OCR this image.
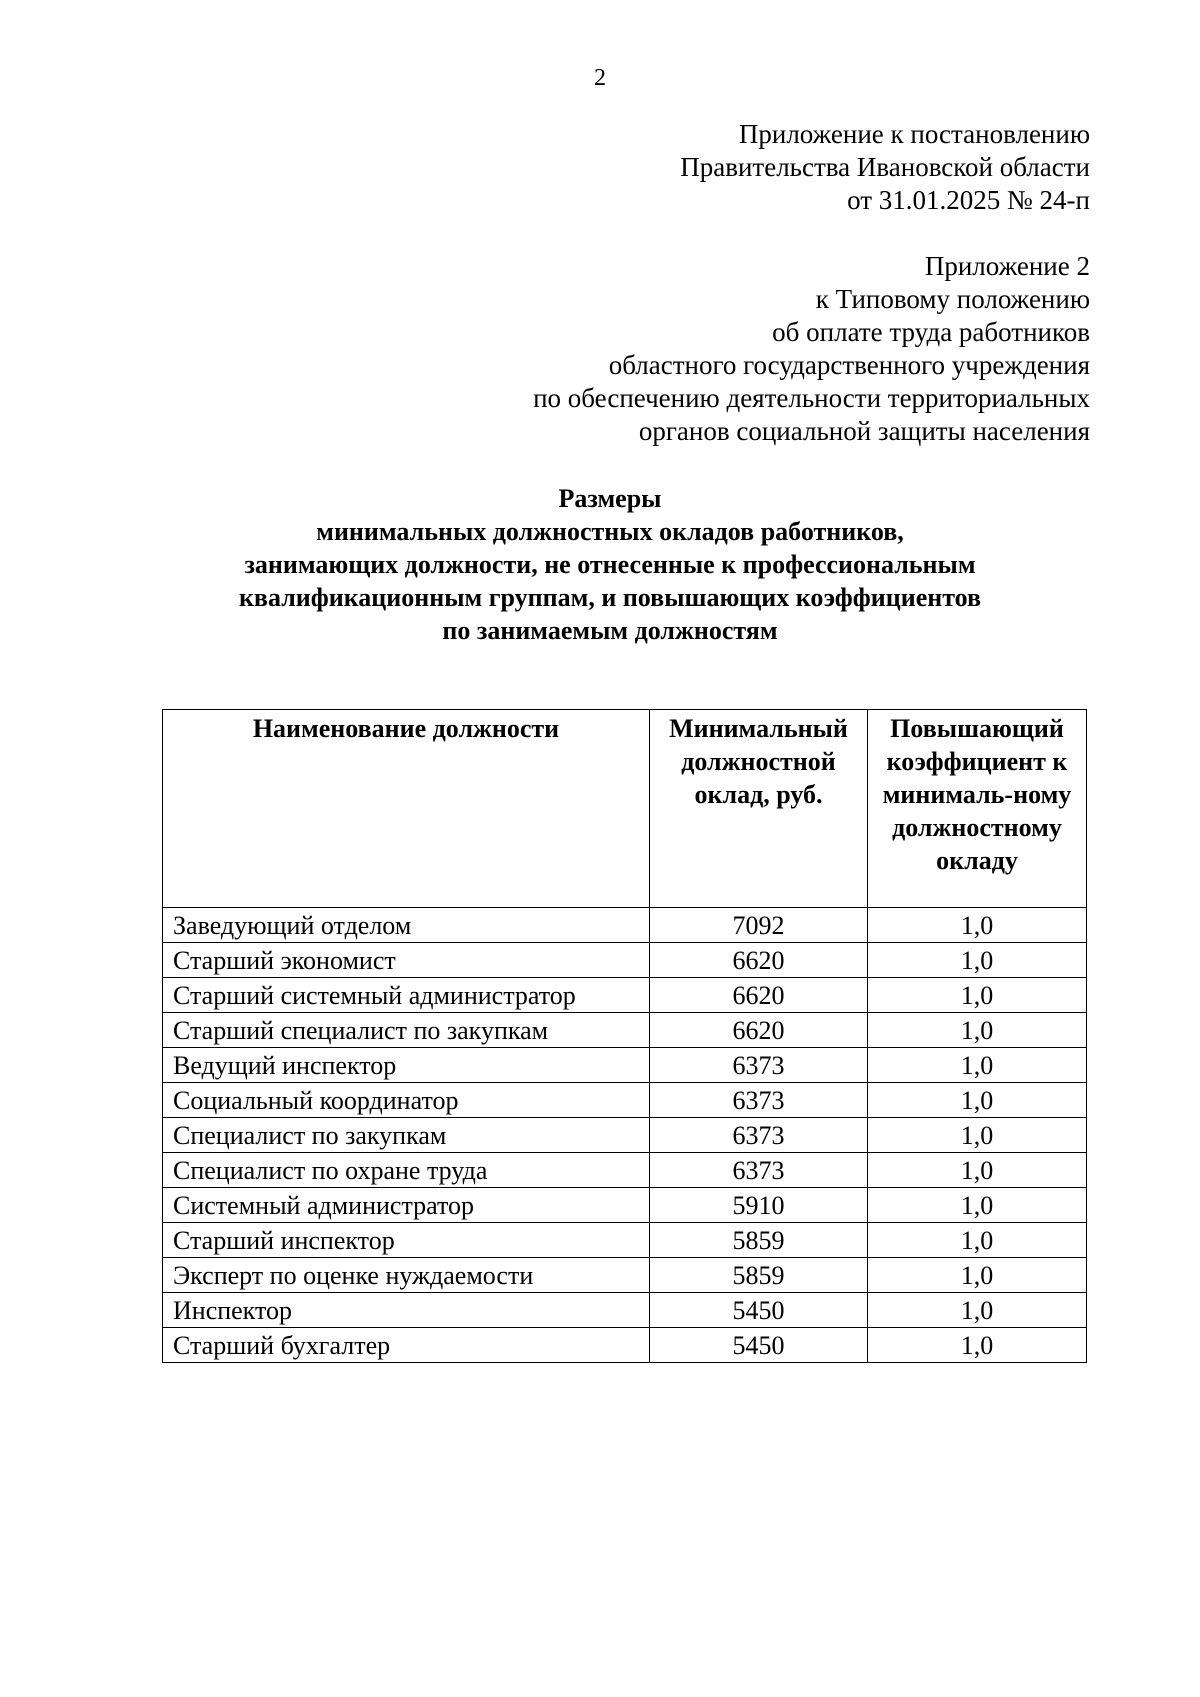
2
Приложение к постановлению
Правительства Ивановской области
от 31.01.2025 № 24-п
Приложение 2
к Типовому положению
об оплате труда работников
областного государственного учреждения
по обеспечению деятельности территориальных
органов социальной защиты населения
Размеры
минимальных должностных окладов работников,
занимающих должности, не отнесенные к профессиональным
квалификационным группам, и повышающих коэффициентов
по занимаемым должностям
Наименование должности	Минимальный должностной оклад, руб.	Повышающий коэффициент к минималь-ному должностному окладу
Заведующий отделом	7092	1,0
Старший экономист	6620	1,0
Старший системный администратор	6620	1,0
Старший специалист по закупкам	6620	1,0
Ведущий инспектор	6373	1,0
Социальный координатор	6373	1,0
Специалист по закупкам	6373	1,0
Специалист по охране труда	6373	1,0
Системный администратор	5910	1,0
Старший инспектор	5859	1,0
Эксперт по оценке нуждаемости	5859	1,0
Инспектор	5450	1,0
Старший бухгалтер	5450	1,0
